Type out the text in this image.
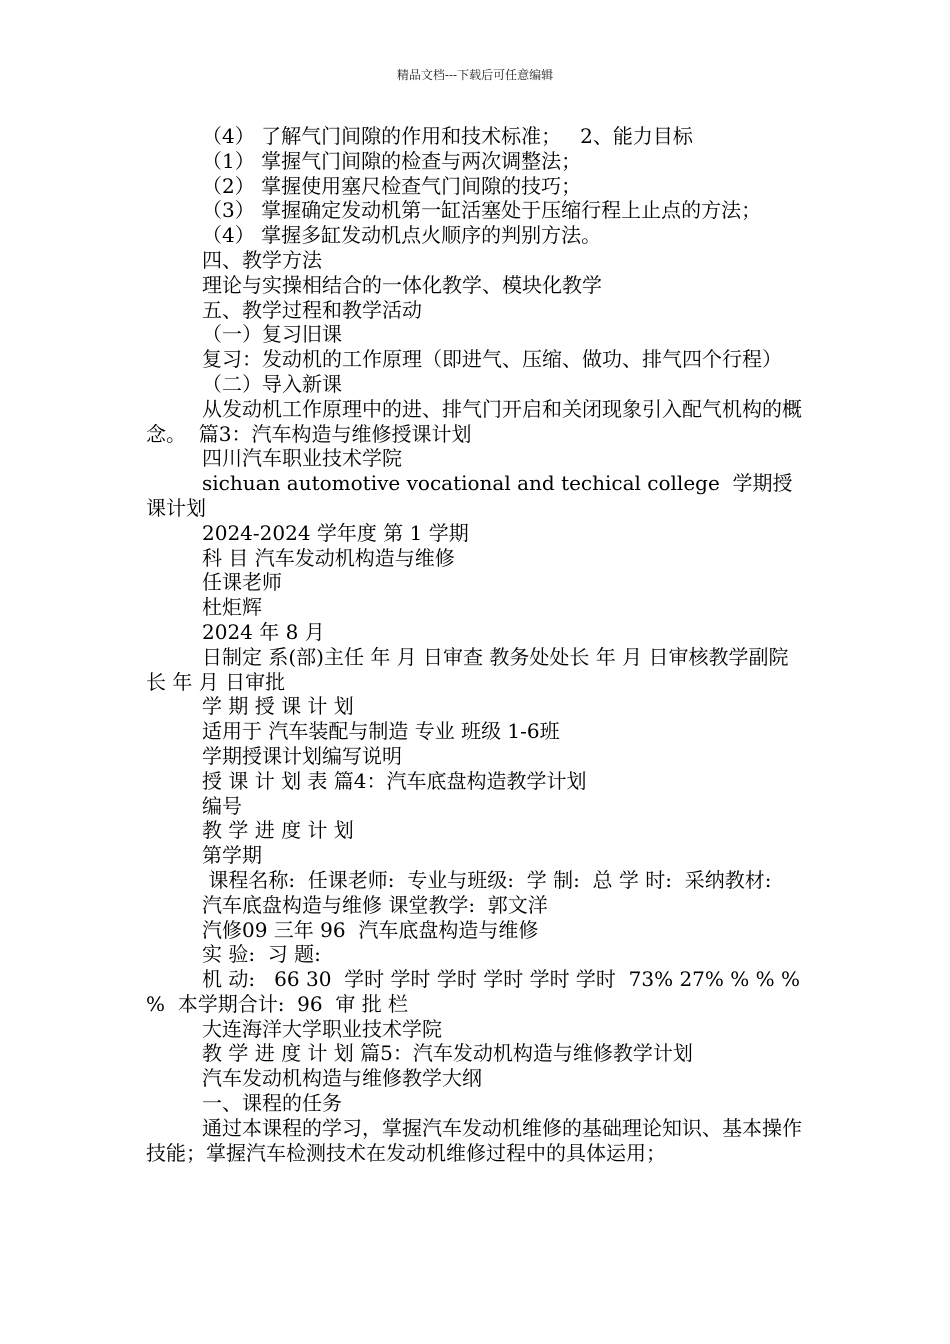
精品文档---下载后可任意编辑

（4） 了解气门间隙的作用和技术标准；   2、能力目标

（1） 掌握气门间隙的检查与两次调整法；

（2） 掌握使用塞尺检查气门间隙的技巧；

（3） 掌握确定发动机第一缸活塞处于压缩行程上止点的方法；

（4） 掌握多缸发动机点火顺序的判别方法。

四、教学方法

理论与实操相结合的一体化教学、模块化教学

五、教学过程和教学活动

（一）复习旧课

复习：发动机的工作原理（即进气、压缩、做功、排气四个行程）

（二）导入新课

从发动机工作原理中的进、排气门开启和关闭现象引入配气机构的概念。  篇3：汽车构造与维修授课计划

四川汽车职业技术学院

sichuan automotive vocational and techical college  学期授课计划

2024-2024 学年度 第 1 学期

科 目 汽车发动机构造与维修

任课老师

杜炬辉

2024 年 8 月

日制定 系(部)主任 年 月 日审查 教务处处长 年 月 日审核教学副院长 年 月 日审批

学 期 授 课 计 划

适用于 汽车装配与制造 专业 班级 1-6班

学期授课计划编写说明

授 课 计 划 表 篇4：汽车底盘构造教学计划

编号

教 学 进 度 计 划

第学期

课程名称:  任课老师:  专业与班级:  学 制:  总 学 时:  采纳教材:

汽车底盘构造与维修 课堂教学:  郭文洋

汽修09 三年 96  汽车底盘构造与维修

实 验:  习 题:

机 动:   66 30  学时 学时 学时 学时 学时 学时  73% 27% % % % %  本学期合计:  96  审 批 栏

大连海洋大学职业技术学院

教 学 进 度 计 划 篇5：汽车发动机构造与维修教学计划

汽车发动机构造与维修教学大纲

一、课程的任务

通过本课程的学习，掌握汽车发动机维修的基础理论知识、基本操作技能；掌握汽车检测技术在发动机维修过程中的具体运用；
